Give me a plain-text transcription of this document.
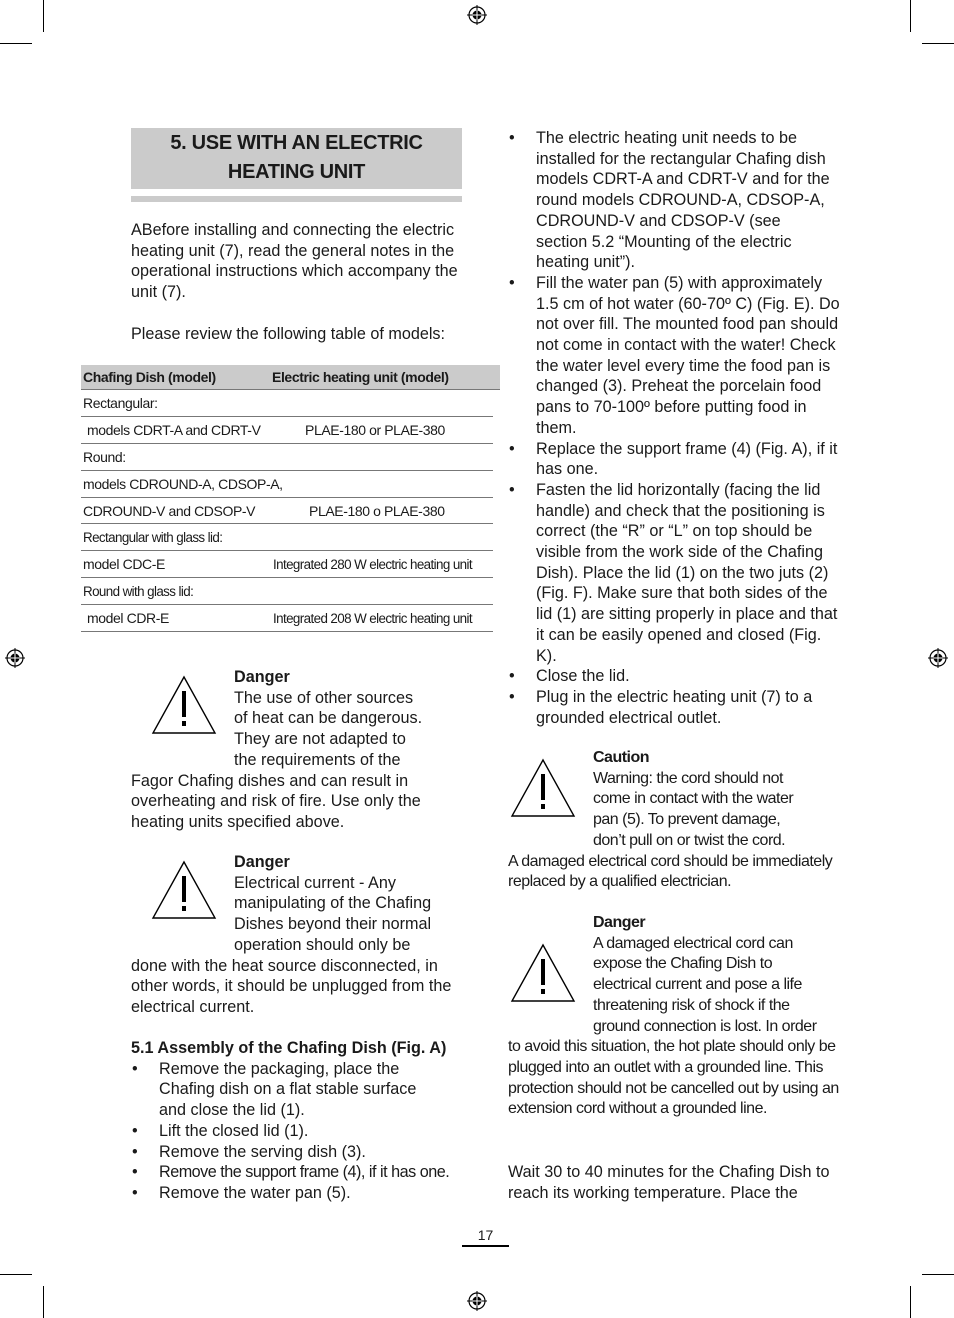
5. USE WITH AN ELECTRIC
HEATING UNIT

ABefore installing and connecting the electric heating unit (7), read the general notes in the operational instructions which accompany the unit (7).

Please review the following table of models:

Chafing Dish (model)	Electric heating unit (model)
Rectangular:
models CDRT-A and CDRT-V	PLAE-180 or PLAE-380
Round:
models CDROUND-A, CDSOP-A,
CDROUND-V and CDSOP-V	PLAE-180 o PLAE-380
Rectangular with glass lid:
model CDC-E	Integrated 280 W electric heating unit
Round with glass lid:
model CDR-E	Integrated 208 W electric heating unit
Danger
The use of other sources
of heat can be dangerous.
They are not adapted to
the requirements of the
Fagor Chafing dishes and can result in overheating and risk of fire. Use only the heating units specified above.
Danger
Electrical current - Any
manipulating of the Chafing
Dishes beyond their normal
operation should only be
done with the heat source disconnected, in other words, it should be unplugged from the electrical current.
5.1 Assembly of the Chafing Dish (Fig. A)
• Remove the packaging, place the Chafing dish on a flat stable surface and close the lid (1).
• Lift the closed lid (1).
• Remove the serving dish (3).
• Remove the support frame (4), if it has one.
• Remove the water pan (5).
• The electric heating unit needs to be installed for the rectangular Chafing dish models CDRT-A and CDRT-V and for the round models CDROUND-A, CDSOP-A, CDROUND-V and CDSOP-V (see section 5.2 “Mounting of the electric heating unit”).
• Fill the water pan (5) with approximately 1.5 cm of hot water (60-70º C) (Fig. E). Do not over fill. The mounted food pan should not come in contact with the water! Check the water level every time the food pan is changed (3). Preheat the porcelain food pans to 70-100º before putting food in them.
• Replace the support frame (4) (Fig. A), if it has one.
• Fasten the lid horizontally (facing the lid handle) and check that the positioning is correct (the “R” or “L” on top should be visible from the work side of the Chafing Dish). Place the lid (1) on the two juts (2) (Fig. F). Make sure that both sides of the lid (1) are sitting properly in place and that it can be easily opened and closed (Fig. K).
• Close the lid.
• Plug in the electric heating unit (7) to a grounded electrical outlet.
Caution
Warning: the cord should not
come in contact with the water
pan (5). To prevent damage,
don’t pull on or twist the cord.
A damaged electrical cord should be immediately replaced by a qualified electrician.
Danger
A damaged electrical cord can
expose the Chafing Dish to
electrical current and pose a life
threatening risk of shock if the
ground connection is lost. In order
to avoid this situation, the hot plate should only be plugged into an outlet with a grounded line. This protection should not be cancelled out by using an extension cord without a grounded line.

Wait 30 to 40 minutes for the Chafing Dish to reach its working temperature. Place the

17
